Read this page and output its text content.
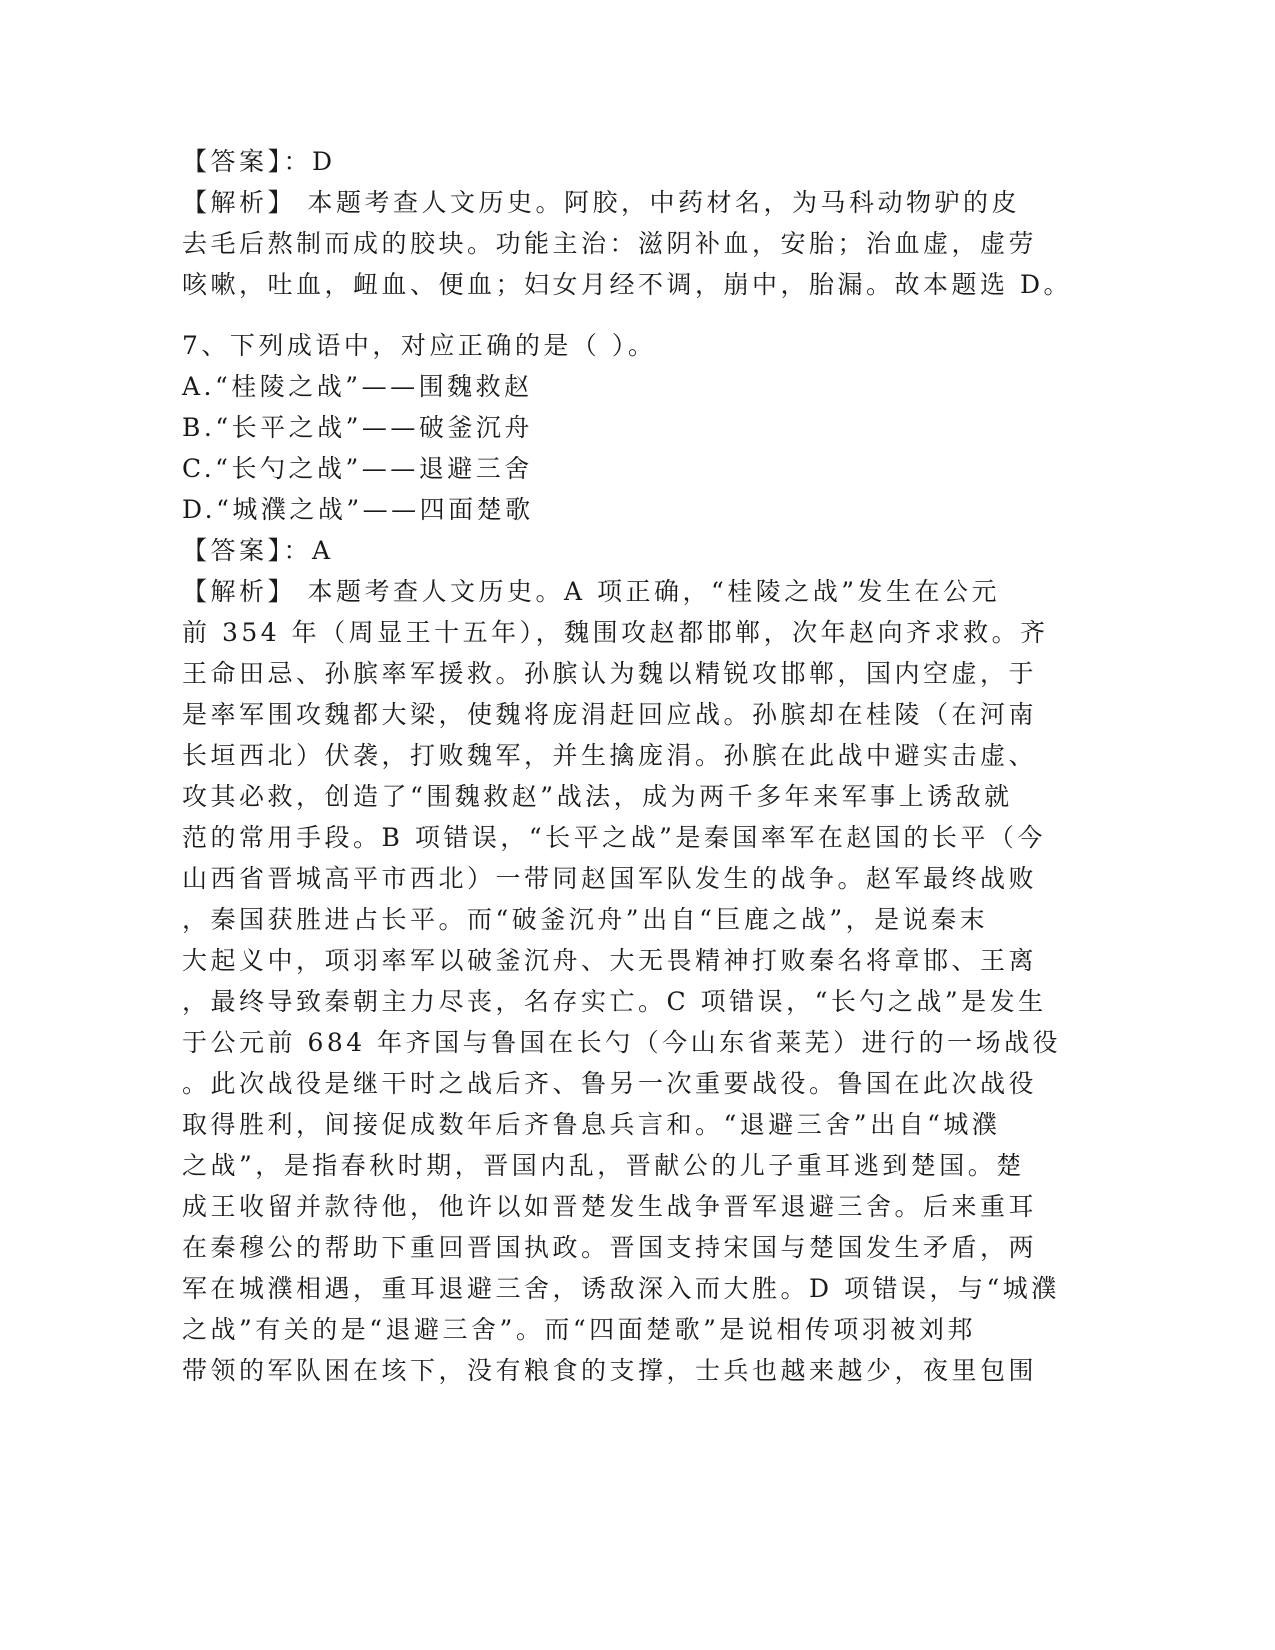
【答案】：D
【解析】 本题考查人文历史。阿胶，中药材名，为马科动物驴的皮
去毛后熬制而成的胶块。功能主治：滋阴补血，安胎；治血虚，虚劳
咳嗽，吐血，衄血、便血；妇女月经不调，崩中，胎漏。故本题选 D。
7、下列成语中，对应正确的是（ ）。
A.“桂陵之战”——围魏救赵
B.“长平之战”——破釜沉舟
C.“长勺之战”——退避三舍
D.“城濮之战”——四面楚歌
【答案】：A
【解析】 本题考查人文历史。A 项正确，“桂陵之战”发生在公元
前 354 年（周显王十五年），魏围攻赵都邯郸，次年赵向齐求救。齐
王命田忌、孙膑率军援救。孙膑认为魏以精锐攻邯郸，国内空虚，于
是率军围攻魏都大梁，使魏将庞涓赶回应战。孙膑却在桂陵（在河南
长垣西北）伏袭，打败魏军，并生擒庞涓。孙膑在此战中避实击虚、
攻其必救，创造了“围魏救赵”战法，成为两千多年来军事上诱敌就
范的常用手段。B 项错误，“长平之战”是秦国率军在赵国的长平（今
山西省晋城高平市西北）一带同赵国军队发生的战争。赵军最终战败
，秦国获胜进占长平。而“破釜沉舟”出自“巨鹿之战”，是说秦末
大起义中，项羽率军以破釜沉舟、大无畏精神打败秦名将章邯、王离
，最终导致秦朝主力尽丧，名存实亡。C 项错误，“长勺之战”是发生
于公元前 684 年齐国与鲁国在长勺（今山东省莱芜）进行的一场战役
。此次战役是继干时之战后齐、鲁另一次重要战役。鲁国在此次战役
取得胜利，间接促成数年后齐鲁息兵言和。“退避三舍”出自“城濮
之战”，是指春秋时期，晋国内乱，晋献公的儿子重耳逃到楚国。楚
成王收留并款待他，他许以如晋楚发生战争晋军退避三舍。后来重耳
在秦穆公的帮助下重回晋国执政。晋国支持宋国与楚国发生矛盾，两
军在城濮相遇，重耳退避三舍，诱敌深入而大胜。D 项错误，与“城濮
之战”有关的是“退避三舍”。而“四面楚歌”是说相传项羽被刘邦
带领的军队困在垓下，没有粮食的支撑，士兵也越来越少，夜里包围
